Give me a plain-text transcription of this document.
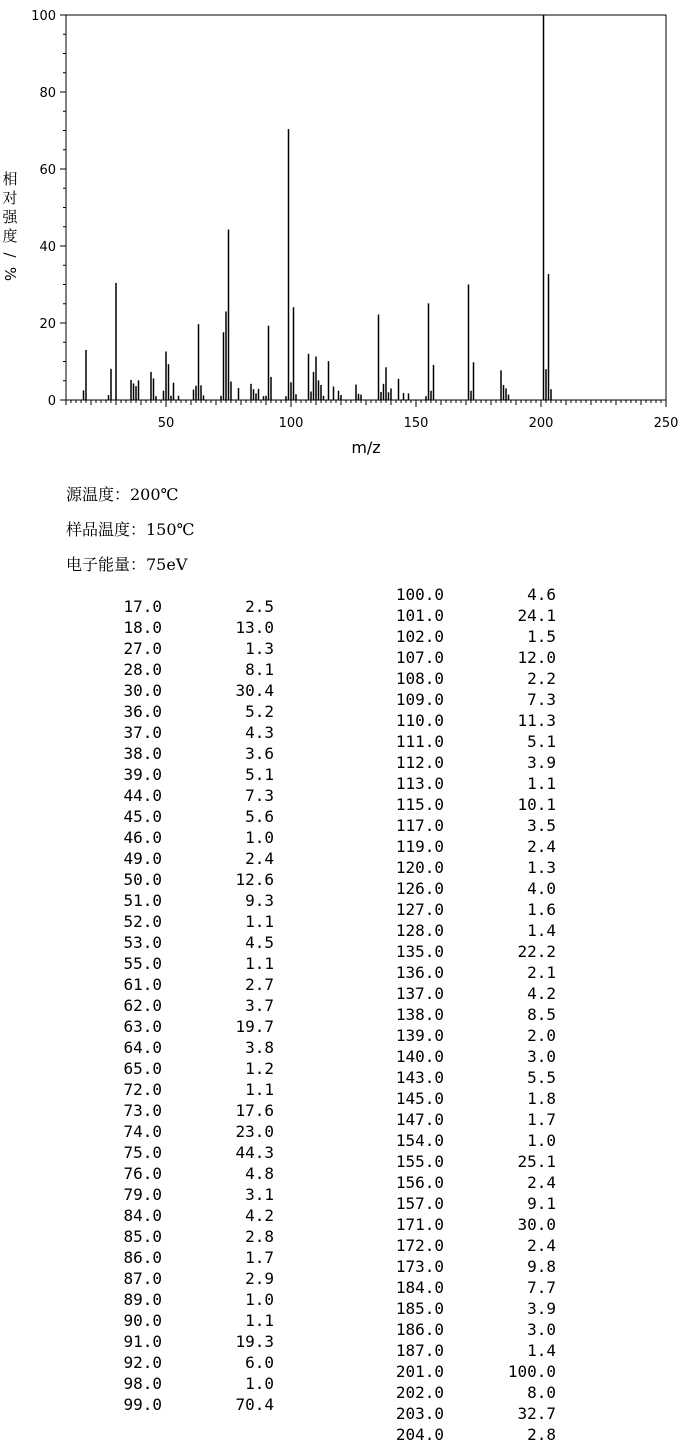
0
20
40
60
80
100
50	100	150	200	250
m/z
相
对
强
度
/
%
源温度：200℃
样品温度：150℃
电子能量：75eV
17.0	2.5
18.0	13.0
27.0	1.3
28.0	8.1
30.0	30.4
36.0	5.2
37.0	4.3
38.0	3.6
39.0	5.1
44.0	7.3
45.0	5.6
46.0	1.0
49.0	2.4
50.0	12.6
51.0	9.3
52.0	1.1
53.0	4.5
55.0	1.1
61.0	2.7
62.0	3.7
63.0	19.7
64.0	3.8
65.0	1.2
72.0	1.1
73.0	17.6
74.0	23.0
75.0	44.3
76.0	4.8
79.0	3.1
84.0	4.2
85.0	2.8
86.0	1.7
87.0	2.9
89.0	1.0
90.0	1.1
91.0	19.3
92.0	6.0
98.0	1.0
99.0	70.4
100.0	4.6
101.0	24.1
102.0	1.5
107.0	12.0
108.0	2.2
109.0	7.3
110.0	11.3
111.0	5.1
112.0	3.9
113.0	1.1
115.0	10.1
117.0	3.5
119.0	2.4
120.0	1.3
126.0	4.0
127.0	1.6
128.0	1.4
135.0	22.2
136.0	2.1
137.0	4.2
138.0	8.5
139.0	2.0
140.0	3.0
143.0	5.5
145.0	1.8
147.0	1.7
154.0	1.0
155.0	25.1
156.0	2.4
157.0	9.1
171.0	30.0
172.0	2.4
173.0	9.8
184.0	7.7
185.0	3.9
186.0	3.0
187.0	1.4
201.0	100.0
202.0	8.0
203.0	32.7
204.0	2.8
